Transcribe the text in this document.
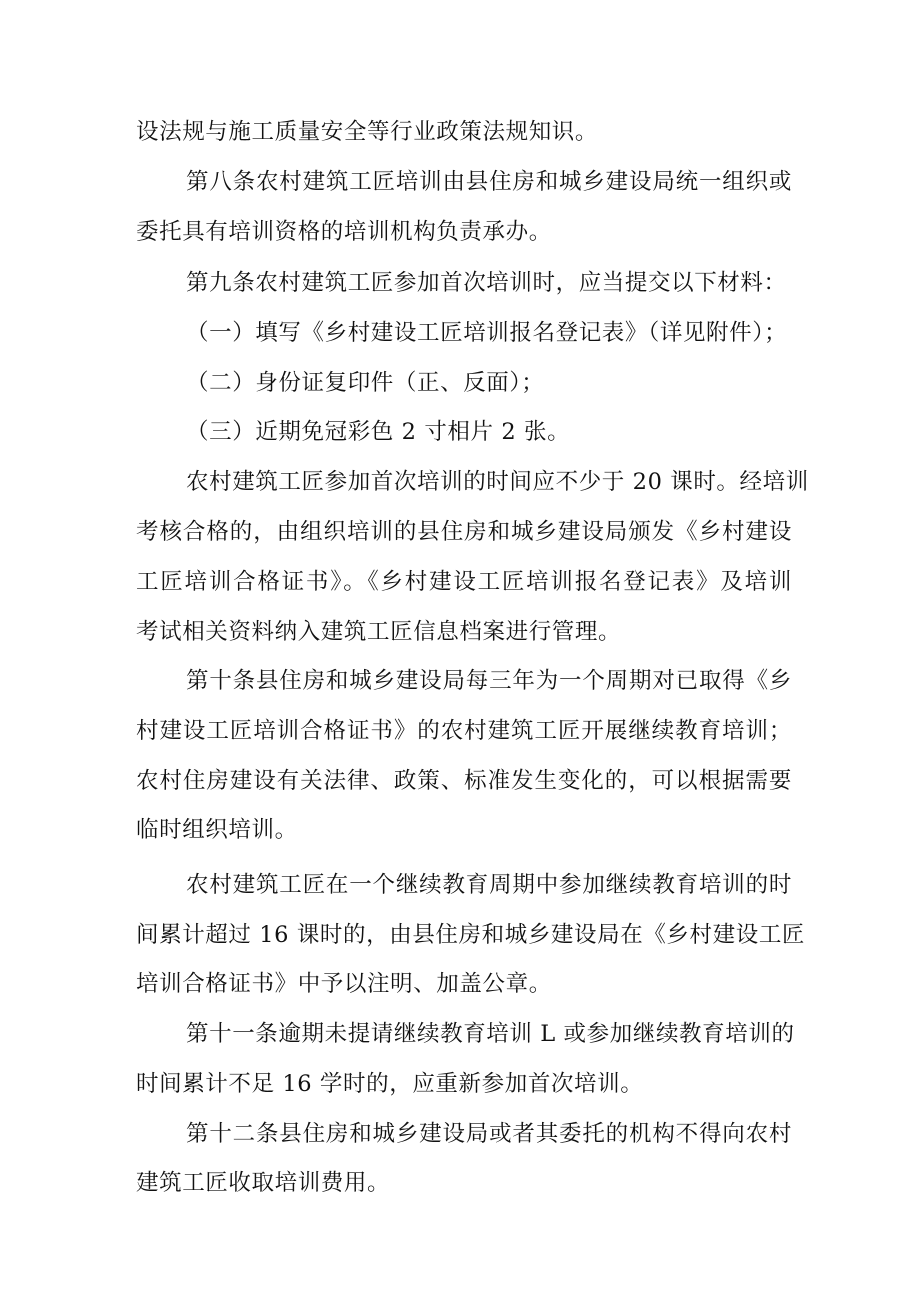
设法规与施工质量安全等行业政策法规知识。
第八条农村建筑工匠培训由县住房和城乡建设局统一组织或
委托具有培训资格的培训机构负责承办。
第九条农村建筑工匠参加首次培训时，应当提交以下材料：
（一）填写《乡村建设工匠培训报名登记表》（详见附件）；
（二）身份证复印件（正、反面）；
（三）近期免冠彩色 2 寸相片 2 张。
农村建筑工匠参加首次培训的时间应不少于 20 课时。经培训
考核合格的，由组织培训的县住房和城乡建设局颁发《乡村建设
工匠培训合格证书》。《乡村建设工匠培训报名登记表》及培训
考试相关资料纳入建筑工匠信息档案进行管理。
第十条县住房和城乡建设局每三年为一个周期对已取得《乡
村建设工匠培训合格证书》的农村建筑工匠开展继续教育培训；
农村住房建设有关法律、政策、标准发生变化的，可以根据需要
临时组织培训。
农村建筑工匠在一个继续教育周期中参加继续教育培训的时
间累计超过 16 课时的，由县住房和城乡建设局在《乡村建设工匠
培训合格证书》中予以注明、加盖公章。
第十一条逾期未提请继续教育培训 L 或参加继续教育培训的
时间累计不足 16 学时的，应重新参加首次培训。
第十二条县住房和城乡建设局或者其委托的机构不得向农村
建筑工匠收取培训费用。
